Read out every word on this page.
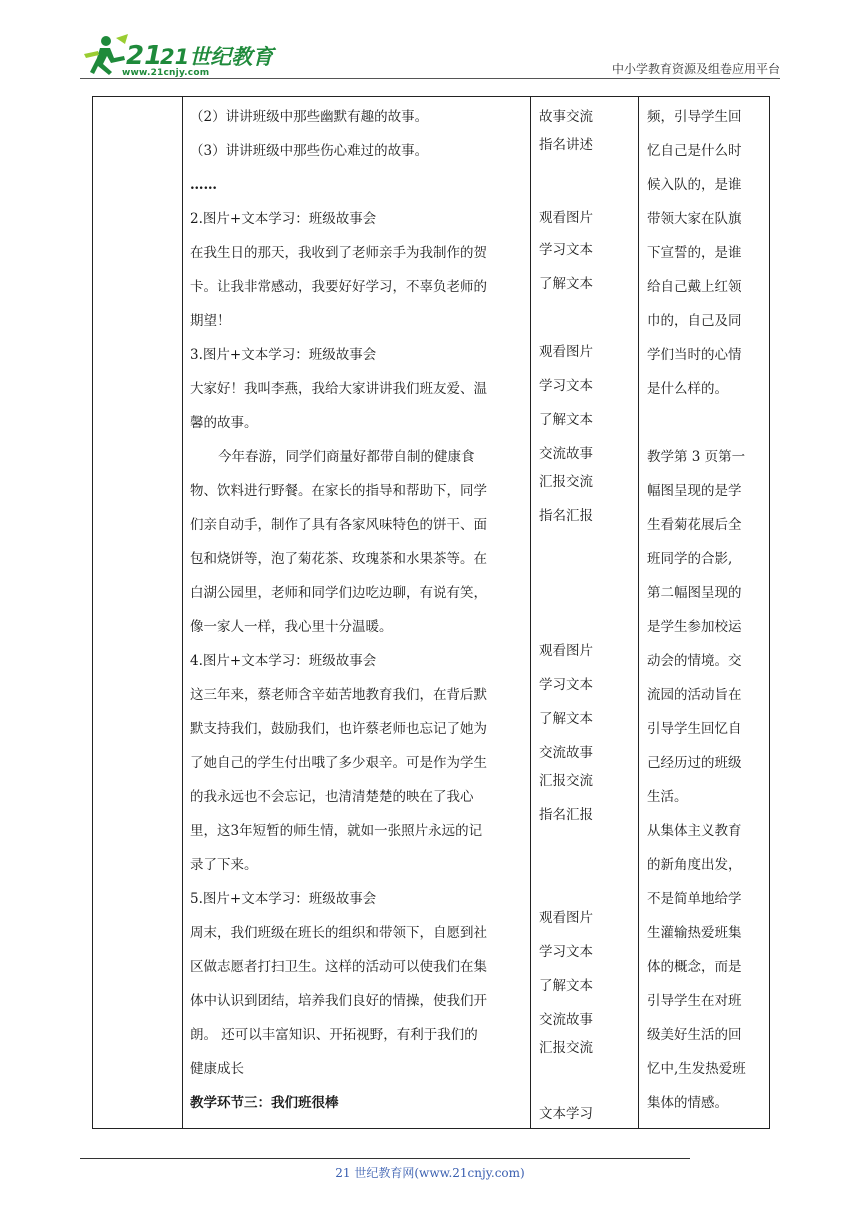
21
21世纪教育
www.21cnjy.com	中小学教育资源及组卷应用平台

（2）讲讲班级中那些幽默有趣的故事。

（3）讲讲班级中那些伤心难过的故事。

……

2.图片+文本学习：班级故事会

在我生日的那天，我收到了老师亲手为我制作的贺

卡。让我非常感动，我要好好学习，不辜负老师的

期望！

3.图片+文本学习：班级故事会

大家好！我叫李燕，我给大家讲讲我们班友爱、温

馨的故事。

今年春游，同学们商量好都带自制的健康食

物、饮料进行野餐。在家长的指导和帮助下，同学

们亲自动手，制作了具有各家风味特色的饼干、面

包和烧饼等，泡了菊花茶、玫瑰茶和水果茶等。在

白湖公园里，老师和同学们边吃边聊，有说有笑，

像一家人一样，我心里十分温暖。

4.图片+文本学习：班级故事会

这三年来，蔡老师含辛茹苦地教育我们，在背后默

默支持我们，鼓励我们，也许蔡老师也忘记了她为

了她自己的学生付出哦了多少艰辛。可是作为学生

的我永远也不会忘记，也清清楚楚的映在了我心

里，这3年短暂的师生情，就如一张照片永远的记

录了下来。

5.图片+文本学习：班级故事会

周末，我们班级在班长的组织和带领下，自愿到社

区做志愿者打扫卫生。这样的活动可以使我们在集

体中认识到团结，培养我们良好的情操，使我们开

朗。 还可以丰富知识、开拓视野，有利于我们的

健康成长

教学环节三：我们班很棒

故事交流
指名讲述
观看图片
学习文本
了解文本
观看图片
学习文本
了解文本
交流故事
汇报交流
指名汇报
观看图片
学习文本
了解文本
交流故事
汇报交流
指名汇报
观看图片
学习文本
了解文本
交流故事
汇报交流
文本学习
频，引导学生回
忆自己是什么时
候入队的，是谁
带领大家在队旗
下宣誓的，是谁
给自己戴上红领
巾的，自己及同
学们当时的心情
是什么样的。
教学第 3 页第一
幅图呈现的是学
生看菊花展后全
班同学的合影,
第二幅图呈现的
是学生参加校运
动会的情境。交
流园的活动旨在
引导学生回忆自
己经历过的班级
生活。
从集体主义教育
的新角度出发，
不是简单地给学
生灌输热爱班集
体的概念，而是
引导学生在对班
级美好生活的回
忆中,生发热爱班
集体的情感。
21 世纪教育网(www.21cnjy.com)
